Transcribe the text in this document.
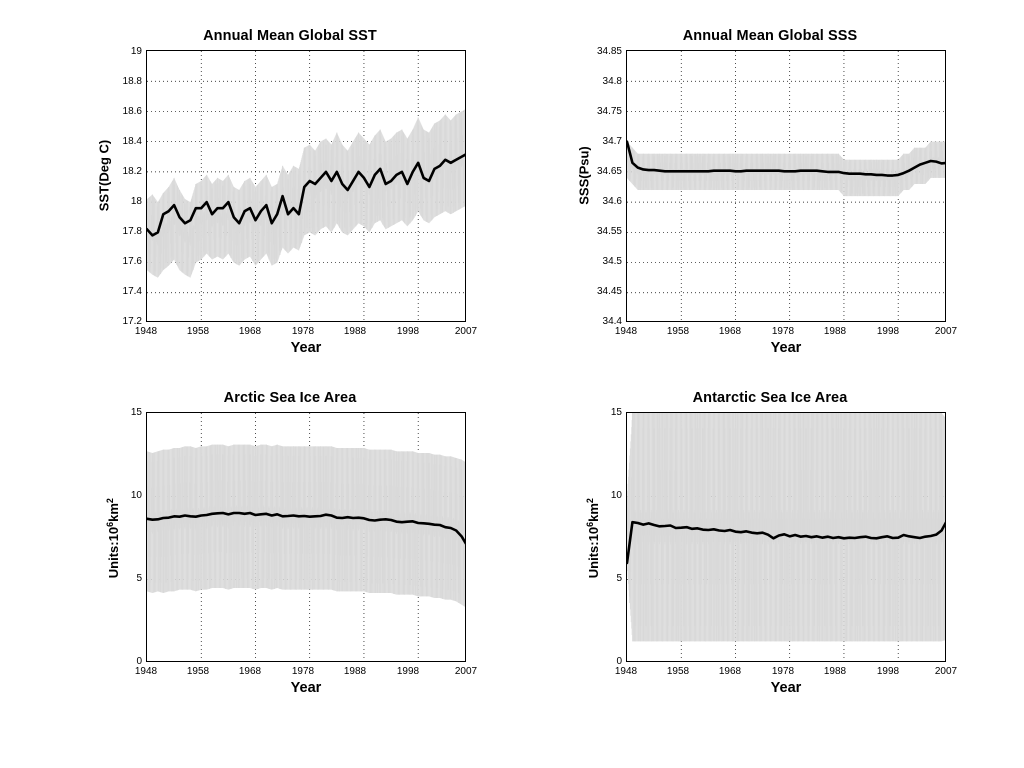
Annual Mean Global SST
SST(Deg C)
17.2
17.4
17.6
17.8
18
18.2
18.4
18.6
18.8
19
1948	1958	1968	1978	1988	1998	2007
Year
Annual Mean Global SSS
SSS(Psu)
34.4
34.45
34.5
34.55
34.6
34.65
34.7
34.75
34.8
34.85
1948	1958	1968	1978	1988	1998	2007
Year
Arctic Sea Ice Area
$Units:10^6km^2$
0
5
10
15
1948	1958	1968	1978	1988	1998	2007
Year
Antarctic Sea Ice Area
$Units:10^6km^2$
0
5
10
15
1948	1958	1968	1978	1988	1998	2007
Year
